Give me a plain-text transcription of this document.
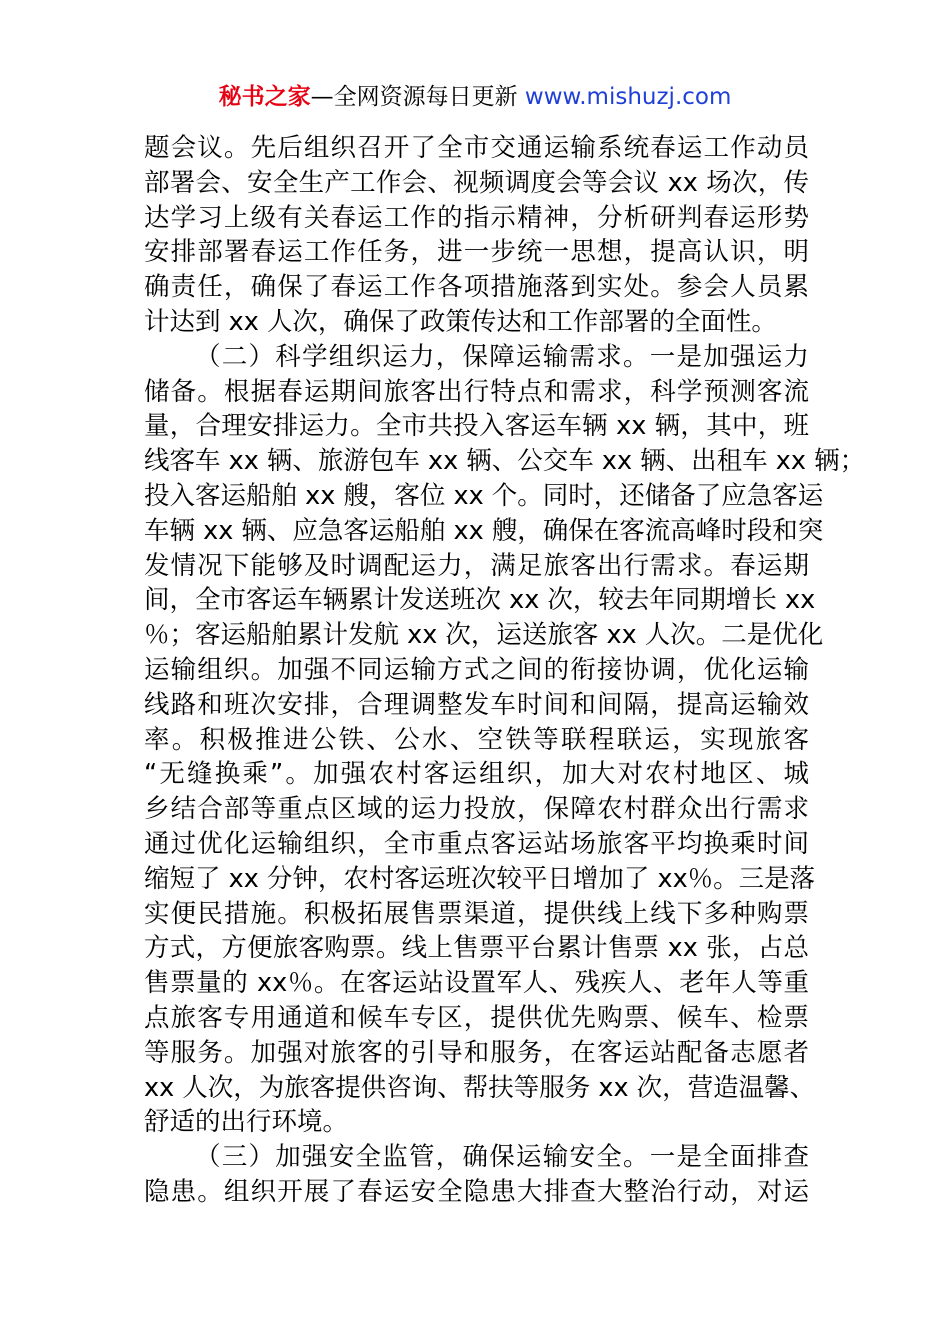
秘书之家—全网资源每日更新 www.mishuzj.com
题会议。先后组织召开了全市交通运输系统春运工作动员
部署会、安全生产工作会、视频调度会等会议 xx 场次，传
达学习上级有关春运工作的指示精神，分析研判春运形势
安排部署春运工作任务，进一步统一思想，提高认识，明
确责任，确保了春运工作各项措施落到实处。参会人员累
计达到 xx 人次，确保了政策传达和工作部署的全面性。
（二）科学组织运力，保障运输需求。一是加强运力
储备。根据春运期间旅客出行特点和需求，科学预测客流
量，合理安排运力。全市共投入客运车辆 xx 辆，其中，班
线客车 xx 辆、旅游包车 xx 辆、公交车 xx 辆、出租车 xx 辆；
投入客运船舶 xx 艘，客位 xx 个。同时，还储备了应急客运
车辆 xx 辆、应急客运船舶 xx 艘，确保在客流高峰时段和突
发情况下能够及时调配运力，满足旅客出行需求。春运期
间，全市客运车辆累计发送班次 xx 次，较去年同期增长 xx
％；客运船舶累计发航 xx 次，运送旅客 xx 人次。二是优化
运输组织。加强不同运输方式之间的衔接协调，优化运输
线路和班次安排，合理调整发车时间和间隔，提高运输效
率。积极推进公铁、公水、空铁等联程联运，实现旅客
“无缝换乘”。加强农村客运组织，加大对农村地区、城
乡结合部等重点区域的运力投放，保障农村群众出行需求
通过优化运输组织，全市重点客运站场旅客平均换乘时间
缩短了 xx 分钟，农村客运班次较平日增加了 xx％。三是落
实便民措施。积极拓展售票渠道，提供线上线下多种购票
方式，方便旅客购票。线上售票平台累计售票 xx 张，占总
售票量的 xx％。在客运站设置军人、残疾人、老年人等重
点旅客专用通道和候车专区，提供优先购票、候车、检票
等服务。加强对旅客的引导和服务，在客运站配备志愿者
xx 人次，为旅客提供咨询、帮扶等服务 xx 次，营造温馨、
舒适的出行环境。
（三）加强安全监管，确保运输安全。一是全面排查
隐患。组织开展了春运安全隐患大排查大整治行动，对运
